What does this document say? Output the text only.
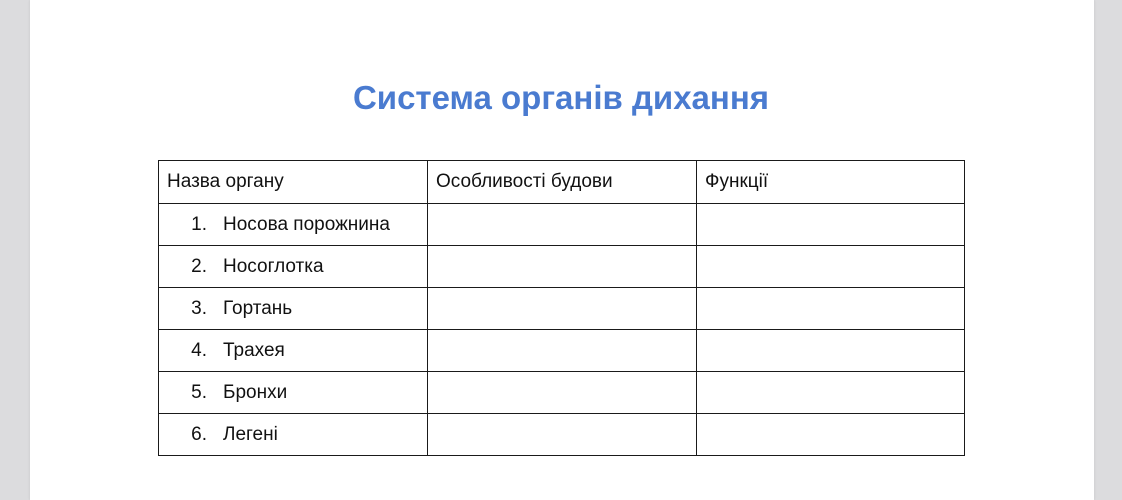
Система органів дихання
Назва органу	Особливості будови	Функції
1. Носова порожнина		
2. Носоглотка		
3. Гортань		
4. Трахея		
5. Бронхи		
6. Легені		
